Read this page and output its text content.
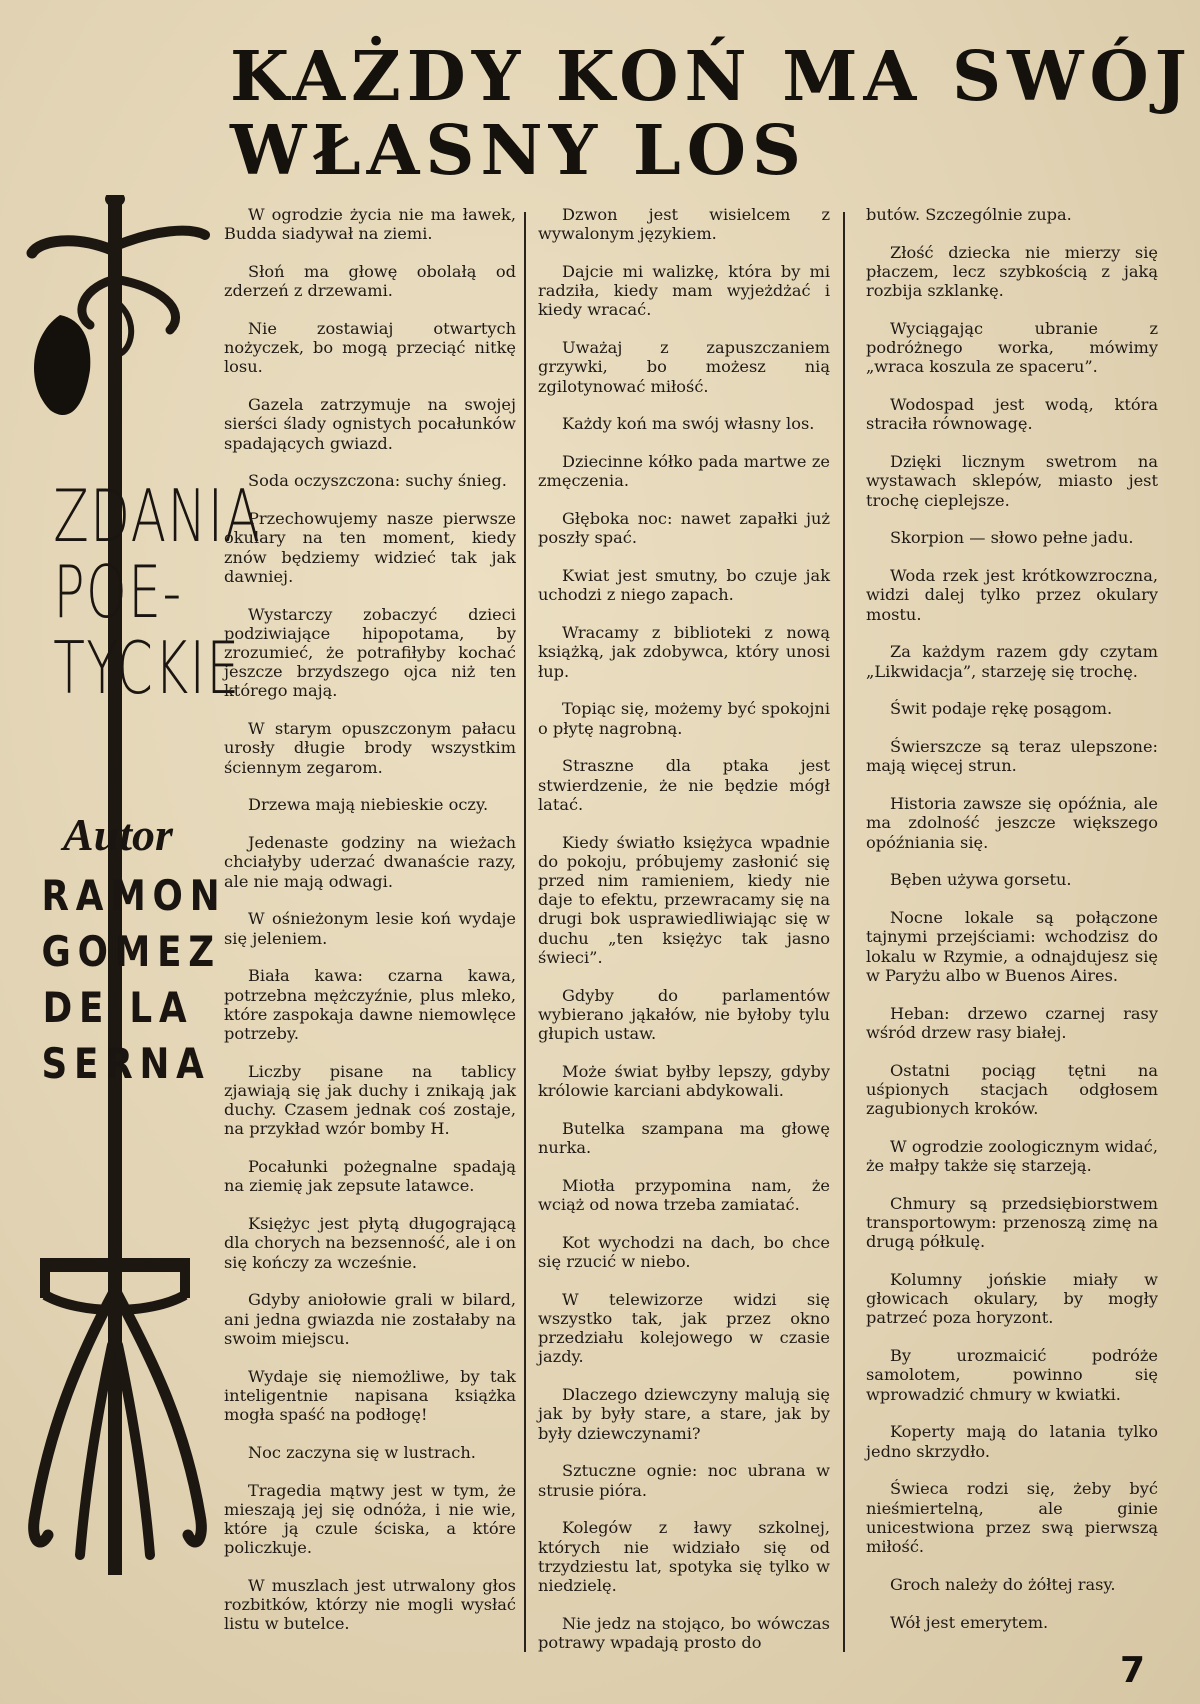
KAŻDY KOŃ MA SWÓJ
WŁASNY LOS
ZDANIA
POE-
TYCKIE
Autor
RAMON
GOMEZ
DE LA
SERNA

W ogrodzie życia nie ma ławek, Budda siadywał na ziemi.

Słoń ma głowę obolałą od zderzeń z drzewami.

Nie zostawiaj otwartych nożyczek, bo mogą przeciąć nitkę losu.

Gazela zatrzymuje na swojej sierści ślady ognistych pocałunków spadających gwiazd.

Soda oczyszczona: suchy śnieg.

Przechowujemy nasze pierwsze okulary na ten moment, kiedy znów będziemy widzieć tak jak dawniej.

Wystarczy zobaczyć dzieci podziwiające hipopotama, by zrozumieć, że potrafiłyby kochać jeszcze brzydszego ojca niż ten którego mają.

W starym opuszczonym pałacu urosły długie brody wszystkim ściennym zegarom.

Drzewa mają niebieskie oczy.

Jedenaste godziny na wieżach chciałyby uderzać dwanaście razy, ale nie mają odwagi.

W ośnieżonym lesie koń wydaje się jeleniem.

Biała kawa: czarna kawa, potrzebna mężczyźnie, plus mleko, które zaspokaja dawne niemowlęce potrzeby.

Liczby pisane na tablicy zjawiają się jak duchy i znikają jak duchy. Czasem jednak coś zostaje, na przykład wzór bomby H.

Pocałunki pożegnalne spadają na ziemię jak zepsute latawce.

Księżyc jest płytą długogrającą dla chorych na bezsenność, ale i on się kończy za wcześnie.

Gdyby aniołowie grali w bilard, ani jedna gwiazda nie zostałaby na swoim miejscu.

Wydaje się niemożliwe, by tak inteligentnie napisana książka mogła spaść na podłogę!

Noc zaczyna się w lustrach.

Tragedia mątwy jest w tym, że mieszają jej się odnóża, i nie wie, które ją czule ściska, a które policzkuje.

W muszlach jest utrwalony głos rozbitków, którzy nie mogli wysłać listu w butelce.

Dzwon jest wisielcem z wywalonym językiem.

Dajcie mi walizkę, która by mi radziła, kiedy mam wyjeżdżać i kiedy wracać.

Uważaj z zapuszczaniem grzywki, bo możesz nią zgilotynować miłość.

Każdy koń ma swój własny los.

Dziecinne kółko pada martwe ze zmęczenia.

Głęboka noc: nawet zapałki już poszły spać.

Kwiat jest smutny, bo czuje jak uchodzi z niego zapach.

Wracamy z biblioteki z nową książką, jak zdobywca, który unosi łup.

Topiąc się, możemy być spokojni o płytę nagrobną.

Straszne dla ptaka jest stwierdzenie, że nie będzie mógł latać.

Kiedy światło księżyca wpadnie do pokoju, próbujemy zasłonić się przed nim ramieniem, kiedy nie daje to efektu, przewracamy się na drugi bok usprawiedliwiając się w duchu „ten księżyc tak jasno świeci”.

Gdyby do parlamentów wybierano jąkałów, nie byłoby tylu głupich ustaw.

Może świat byłby lepszy, gdyby królowie karciani abdykowali.

Butelka szampana ma głowę nurka.

Miotła przypomina nam, że wciąż od nowa trzeba zamiatać.

Kot wychodzi na dach, bo chce się rzucić w niebo.

W telewizorze widzi się wszystko tak, jak przez okno przedziału kolejowego w czasie jazdy.

Dlaczego dziewczyny malują się jak by były stare, a stare, jak by były dziewczynami?

Sztuczne ognie: noc ubrana w strusie pióra.

Kolegów z ławy szkolnej, których nie widziało się od trzydziestu lat, spotyka się tylko w niedzielę.

Nie jedz na stojąco, bo wówczas potrawy wpadają prosto do

butów. Szczególnie zupa.

Złość dziecka nie mierzy się płaczem, lecz szybkością z jaką rozbija szklankę.

Wyciągając ubranie z podróżnego worka, mówimy „wraca koszula ze spaceru”.

Wodospad jest wodą, która straciła równowagę.

Dzięki licznym swetrom na wystawach sklepów, miasto jest trochę cieplejsze.

Skorpion — słowo pełne jadu.

Woda rzek jest krótkowzroczna, widzi dalej tylko przez okulary mostu.

Za każdym razem gdy czytam „Likwidacja”, starzeję się trochę.

Świt podaje rękę posągom.

Świerszcze są teraz ulepszone: mają więcej strun.

Historia zawsze się opóźnia, ale ma zdolność jeszcze większego opóźniania się.

Bęben używa gorsetu.

Nocne lokale są połączone tajnymi przejściami: wchodzisz do lokalu w Rzymie, a odnajdujesz się w Paryżu albo w Buenos Aires.

Heban: drzewo czarnej rasy wśród drzew rasy białej.

Ostatni pociąg tętni na uśpionych stacjach odgłosem zagubionych kroków.

W ogrodzie zoologicznym widać, że małpy także się starzeją.

Chmury są przedsiębiorstwem transportowym: przenoszą zimę na drugą półkulę.

Kolumny jońskie miały w głowicach okulary, by mogły patrzeć poza horyzont.

By urozmaicić podróże samolotem, powinno się wprowadzić chmury w kwiatki.

Koperty mają do latania tylko jedno skrzydło.

Świeca rodzi się, żeby być nieśmiertelną, ale ginie unicestwiona przez swą pierwszą miłość.

Groch należy do żółtej rasy.

Wół jest emerytem.

7
